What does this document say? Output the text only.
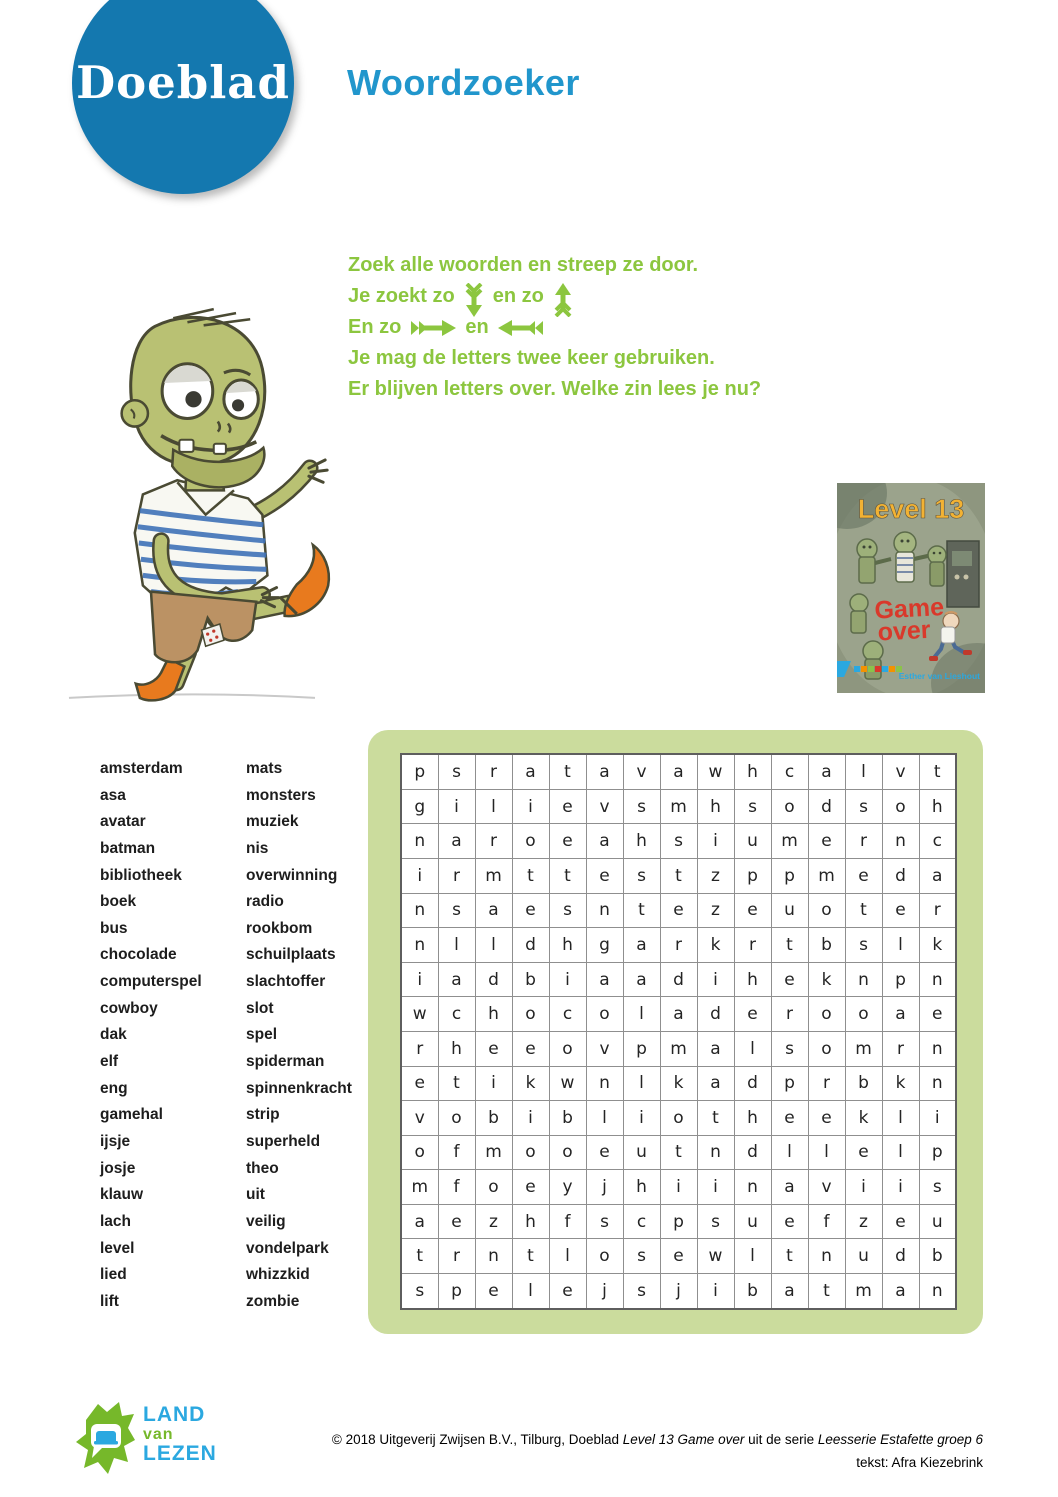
Doeblad Woordzoeker
Zoek alle woorden en streep ze door.
Je zoekt zo en zo
En zo	en
Je mag de letters twee keer gebruiken.
Er blijven letters over. Welke zin lees je nu?
Level 13
Game
over
Esther van Lieshout
amsterdam
asa
avatar
batman
bibliotheek
boek
bus
chocolade
computerspel
cowboy
dak
elf
eng
gamehal
ijsje
josje
klauw
lach
level
lied
lift
mats
monsters
muziek
nis
overwinning
radio
rookbom
schuilplaats
slachtoffer
slot
spel
spiderman
spinnenkracht
strip
superheld
theo
uit
veilig
vondelpark
whizzkid
zombie
p	s	r	a	t	a	v	a	w	h	c	a	l	v	t
g	i	l	i	e	v	s	m	h	s	o	d	s	o	h
n	a	r	o	e	a	h	s	i	u	m	e	r	n	c
i	r	m	t	t	e	s	t	z	p	p	m	e	d	a
n	s	a	e	s	n	t	e	z	e	u	o	t	e	r
n	l	l	d	h	g	a	r	k	r	t	b	s	l	k
i	a	d	b	i	a	a	d	i	h	e	k	n	p	n
w	c	h	o	c	o	l	a	d	e	r	o	o	a	e
r	h	e	e	o	v	p	m	a	l	s	o	m	r	n
e	t	i	k	w	n	l	k	a	d	p	r	b	k	n
v	o	b	i	b	l	i	o	t	h	e	e	k	l	i
o	f	m	o	o	e	u	t	n	d	l	l	e	l	p
m	f	o	e	y	j	h	i	i	n	a	v	i	i	s
a	e	z	h	f	s	c	p	s	u	e	f	z	e	u
t	r	n	t	l	o	s	e	w	l	t	n	u	d	b
s	p	e	l	e	j	s	j	i	b	a	t	m	a	n
LAND
van
LEZEN
© 2018 Uitgeverij Zwijsen B.V., Tilburg, Doeblad Level 13 Game over uit de serie Leesserie Estafette groep 6
tekst: Afra Kiezebrink
